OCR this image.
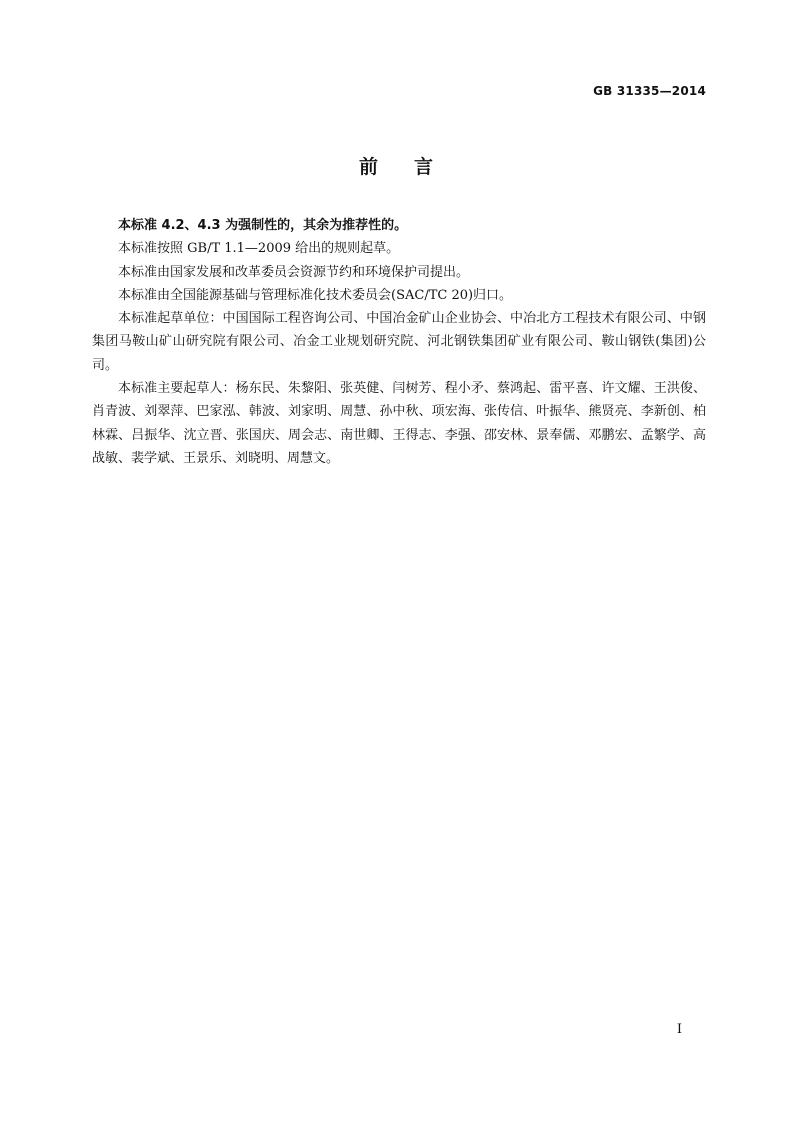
GB 31335—2014
前 言

本标准 4.2、4.3 为强制性的，其余为推荐性的。

本标准按照 GB/T 1.1—2009 给出的规则起草。

本标准由国家发展和改革委员会资源节约和环境保护司提出。

本标准由全国能源基础与管理标准化技术委员会(SAC/TC 20)归口。

本标准起草单位：中国国际工程咨询公司、中国冶金矿山企业协会、中冶北方工程技术有限公司、中钢集团马鞍山矿山研究院有限公司、冶金工业规划研究院、河北钢铁集团矿业有限公司、鞍山钢铁(集团)公司。

本标准主要起草人：杨东民、朱黎阳、张英健、闫树芳、程小矛、蔡鸿起、雷平喜、许文耀、王洪俊、肖青波、刘翠萍、巴家泓、韩波、刘家明、周慧、孙中秋、项宏海、张传信、叶振华、熊贤亮、李新创、柏林霖、吕振华、沈立晋、张国庆、周会志、南世卿、王得志、李强、邵安林、景奉儒、邓鹏宏、孟繁学、高战敏、裴学斌、王景乐、刘晓明、周慧文。

I
